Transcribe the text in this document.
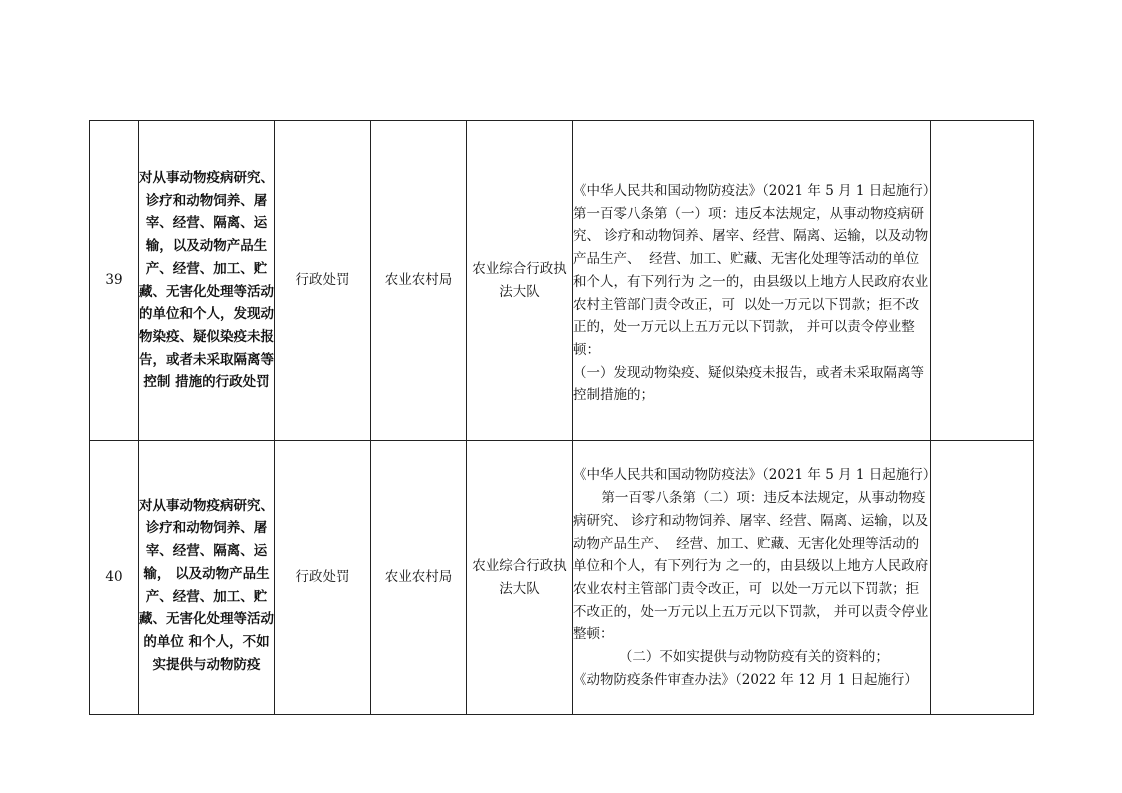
39	对从事动物疫病研究、诊疗和动物饲养、屠宰、经营、隔离、运输，以及动物产品生产、经营、加工、贮藏、无害化处理等活动的单位和个人，发现动物染疫、疑似染疫未报告，或者未采取隔离等控制 措施的行政处罚	行政处罚	农业农村局	农业综合行政执法大队	《中华人民共和国动物防疫法》（2021 年 5 月 1 日起施行）

第一百零八条第（一）项：违反本法规定，从事动物疫病研究、 诊疗和动物饲养、屠宰、经营、隔离、运输，以及动物产品生产、  经营、加工、贮藏、无害化处理等活动的单位和个人，有下列行为 之一的，由县级以上地方人民政府农业农村主管部门责令改正，可  以处一万元以下罚款；拒不改正的，处一万元以上五万元以下罚款， 并可以责令停业整顿：

（一）发现动物染疫、疑似染疫未报告，或者未采取隔离等控制措施的；	

40	对从事动物疫病研究、诊疗和动物饲养、屠宰、经营、隔离、运输， 以及动物产品生产、经营、加工、贮藏、无害化处理等活动的单位 和个人，不如实提供与动物防疫	行政处罚	农业农村局	农业综合行政执法大队	《中华人民共和国动物防疫法》（2021 年 5 月 1 日起施行）

第一百零八条第（二）项：违反本法规定，从事动物疫病研究、 诊疗和动物饲养、屠宰、经营、隔离、运输，以及动物产品生产、  经营、加工、贮藏、无害化处理等活动的单位和个人，有下列行为 之一的，由县级以上地方人民政府农业农村主管部门责令改正，可  以处一万元以下罚款；拒不改正的，处一万元以上五万元以下罚款， 并可以责令停业整顿：

（二）不如实提供与动物防疫有关的资料的；

《动物防疫条件审查办法》（2022 年 12 月 1 日起施行）	
